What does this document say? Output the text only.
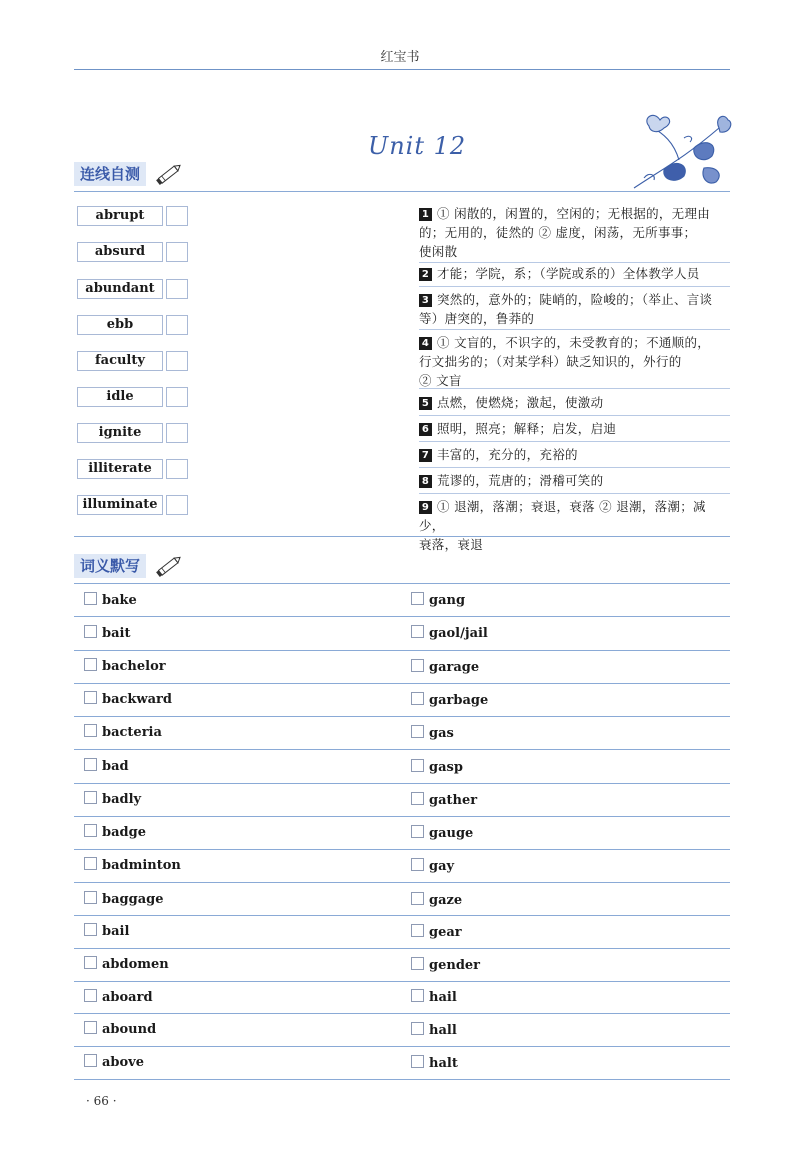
红宝书
Unit 12
连线自测
abrupt
absurd
abundant
ebb
faculty
idle
ignite
illiterate
illuminate
1 ① 闲散的，闲置的，空闲的；无根据的，无理由
的；无用的，徒然的 ② 虚度，闲荡，无所事事；
使闲散
2 才能；学院，系；（学院或系的）全体教学人员
3 突然的，意外的；陡峭的，险峻的；（举止、言谈
等）唐突的，鲁莽的
4 ① 文盲的，不识字的，未受教育的；不通顺的，
行文拙劣的；（对某学科）缺乏知识的，外行的
② 文盲
5 点燃，使燃烧；激起，使激动
6 照明，照亮；解释；启发，启迪
7 丰富的，充分的，充裕的
8 荒谬的，荒唐的；滑稽可笑的
9 ① 退潮，落潮；衰退，衰落 ② 退潮，落潮；减少，
衰落，衰退
词义默写
bake	gang
bait	gaol/jail
bachelor	garage
backward	garbage
bacteria	gas
bad	gasp
badly	gather
badge	gauge
badminton	gay
baggage	gaze
bail	gear
abdomen	gender
aboard	hail
abound	hall
above	halt
· 66 ·
